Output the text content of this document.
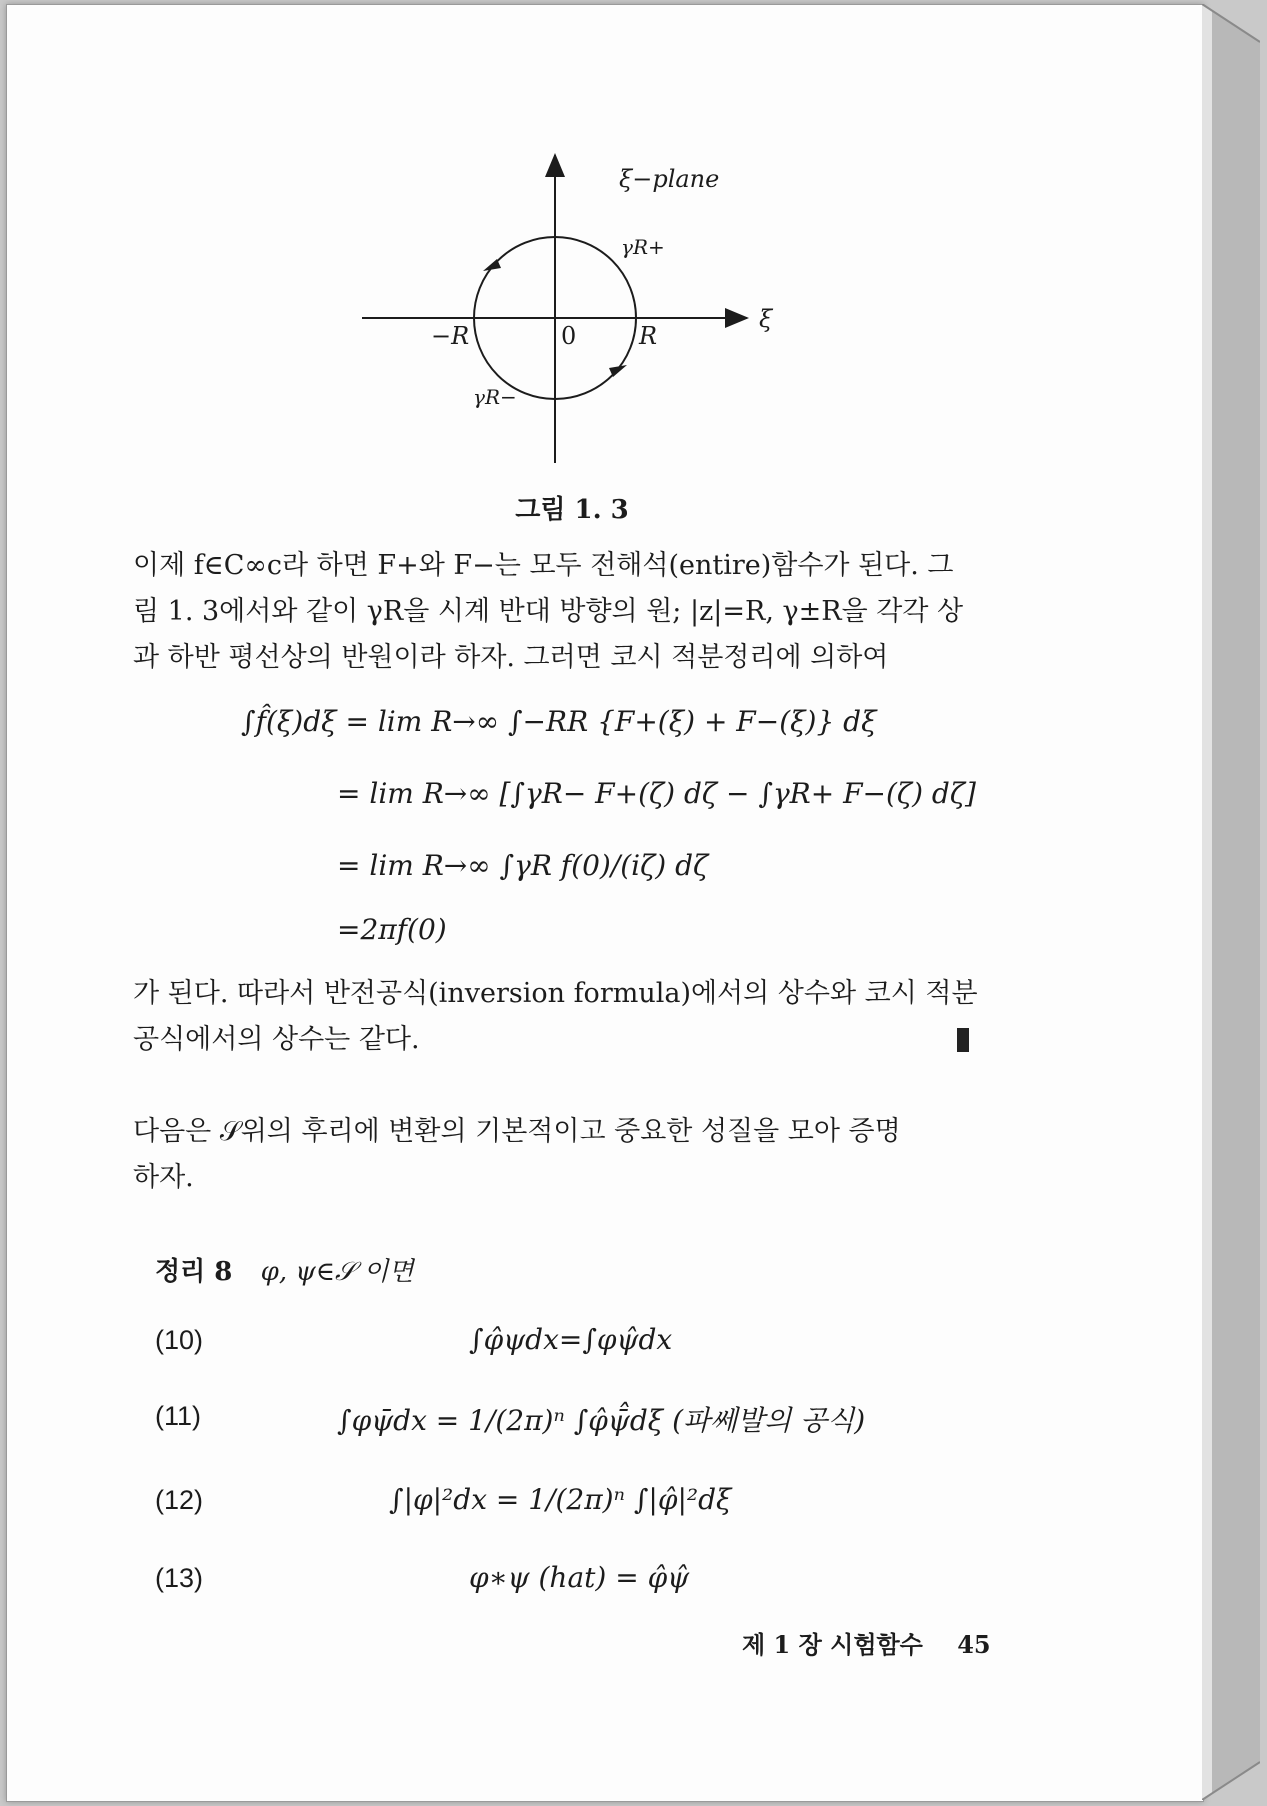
ξ−plane
γR+
ξ
−R	0	R
γR−
그림 1. 3
이제 f∈C∞c라 하면 F+와 F−는 모두 전해석(entire)함수가 된다. 그
림 1. 3에서와 같이 γR을 시계 반대 방향의 원; |z|=R, γ±R을 각각 상
과 하반 평선상의 반원이라 하자. 그러면 코시 적분정리에 의하여
∫f̂(ξ)dξ = lim R→∞ ∫−RR {F+(ξ) + F−(ξ)} dξ
= lim R→∞ [∫γR− F+(ζ) dζ − ∫γR+ F−(ζ) dζ]
= lim R→∞ ∫γR f(0)/(iζ) dζ
=2πf(0)
가 된다. 따라서 반전공식(inversion formula)에서의 상수와 코시 적분
공식에서의 상수는 같다.
다음은 𝒮위의 후리에 변환의 기본적이고 중요한 성질을 모아 증명
하자.
정리 8 φ, ψ∈𝒮 이면
(10)	∫φ̂ψdx=∫φψ̂dx
(11)	∫φψ̄dx = 1/(2π)ⁿ ∫φ̂ψ̄̂dξ (파쎄발의 공식)
(12)	∫|φ|²dx = 1/(2π)ⁿ ∫|φ̂|²dξ
(13)	φ∗ψ (hat) = φ̂ψ̂
제 1 장 시험함수 45
